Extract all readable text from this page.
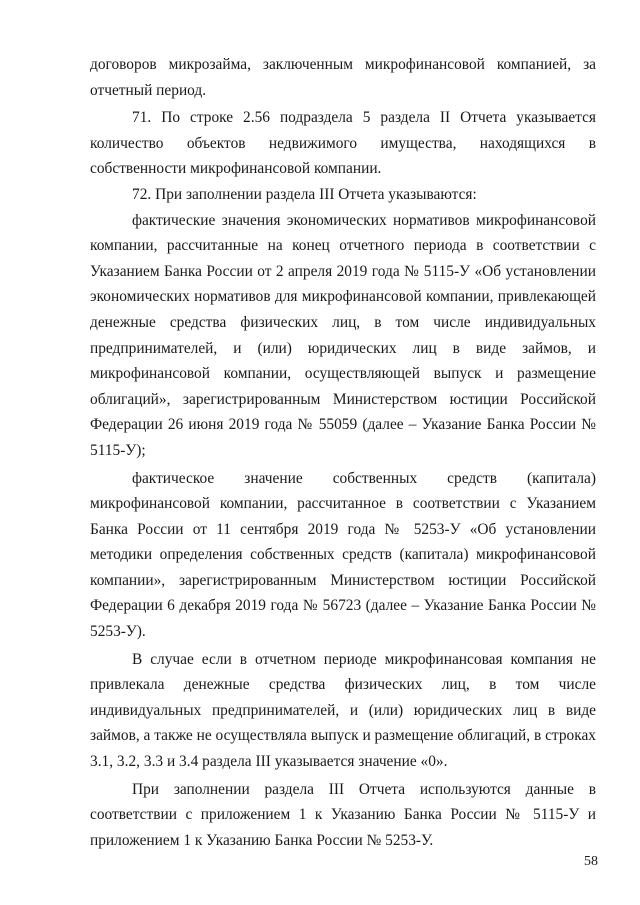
договоров микрозайма, заключенным микрофинансовой компанией, за отчетный период.

71. По строке 2.56 подраздела 5 раздела II Отчета указывается количество объектов недвижимого имущества, находящихся в собственности микрофинансовой компании.

72. При заполнении раздела III Отчета указываются:

фактические значения экономических нормативов микрофинансовой компании, рассчитанные на конец отчетного периода в соответствии с Указанием Банка России от 2 апреля 2019 года № 5115-У «Об установлении экономических нормативов для микрофинансовой компании, привлекающей денежные средства физических лиц, в том числе индивидуальных предпринимателей, и (или) юридических лиц в виде займов, и микрофинансовой компании, осуществляющей выпуск и размещение облигаций», зарегистрированным Министерством юстиции Российской Федерации 26 июня 2019 года № 55059 (далее – Указание Банка России № 5115-У);

фактическое значение собственных средств (капитала) микрофинансовой компании, рассчитанное в соответствии с Указанием Банка России от 11 сентября 2019 года № 5253-У «Об установлении методики определения собственных средств (капитала) микрофинансовой компании», зарегистрированным Министерством юстиции Российской Федерации 6 декабря 2019 года № 56723 (далее – Указание Банка России № 5253-У).

В случае если в отчетном периоде микрофинансовая компания не привлекала денежные средства физических лиц, в том числе индивидуальных предпринимателей, и (или) юридических лиц в виде займов, а также не осуществляла выпуск и размещение облигаций, в строках 3.1, 3.2, 3.3 и 3.4 раздела III указывается значение «0».

При заполнении раздела III Отчета используются данные в соответствии с приложением 1 к Указанию Банка России № 5115-У и приложением 1 к Указанию Банка России № 5253-У.

58
